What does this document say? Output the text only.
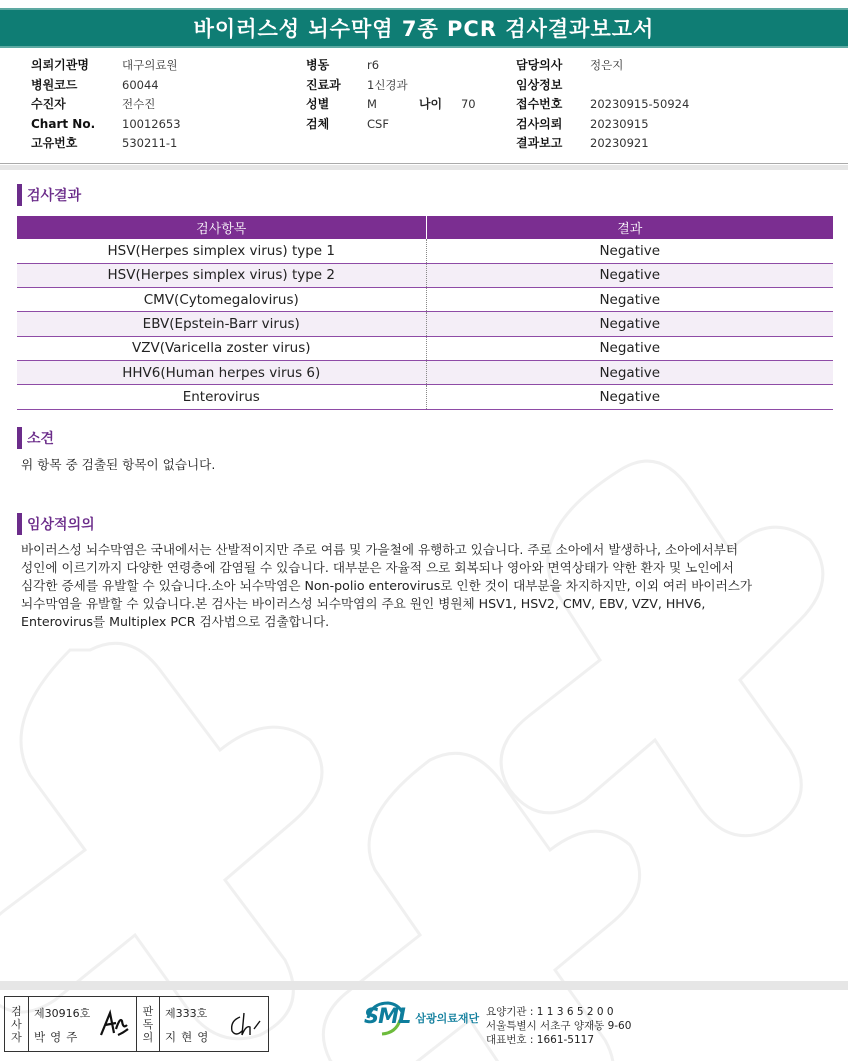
바이러스성 뇌수막염 7종 PCR 검사결과보고서
의뢰기관명	대구의료원
병원코드	60044
수진자	전수진
Chart No.	10012653
고유번호	530211-1
병동	r6
진료과	1신경과
성별	M	나이	70
검체	CSF
담당의사	정은지
임상정보
접수번호	20230915-50924
검사의뢰	20230915
결과보고	20230921
검사결과
검사항목	결과
HSV(Herpes simplex virus) type 1	Negative
HSV(Herpes simplex virus) type 2	Negative
CMV(Cytomegalovirus)	Negative
EBV(Epstein-Barr virus)	Negative
VZV(Varicella zoster virus)	Negative
HHV6(Human herpes virus 6)	Negative
Enterovirus	Negative
소견
위 항목 중 검출된 항목이 없습니다.
임상적의의
바이러스성 뇌수막염은 국내에서는 산발적이지만 주로 여름 및 가을철에 유행하고 있습니다. 주로 소아에서 발생하나, 소아에서부터
성인에 이르기까지 다양한 연령층에 감염될 수 있습니다. 대부분은 자율적 으로 회복되나 영아와 면역상태가 약한 환자 및 노인에서
심각한 증세를 유발할 수 있습니다.소아 뇌수막염은 Non-polio enterovirus로 인한 것이 대부분을 차지하지만, 이외 여러 바이러스가
뇌수막염을 유발할 수 있습니다.본 검사는 바이러스성 뇌수막염의 주요 원인 병원체 HSV1, HSV2, CMV, EBV, VZV, HHV6,
Enterovirus를 Multiplex PCR 검사법으로 검출합니다.
검
사
자
제30916호
박영주
판
독
의
제333호
지현영
SML 삼광의료재단 요양기관 : 1 1 3 6 5 2 0 0
서울특별시 서초구 양재동 9-60
대표번호 : 1661-5117
